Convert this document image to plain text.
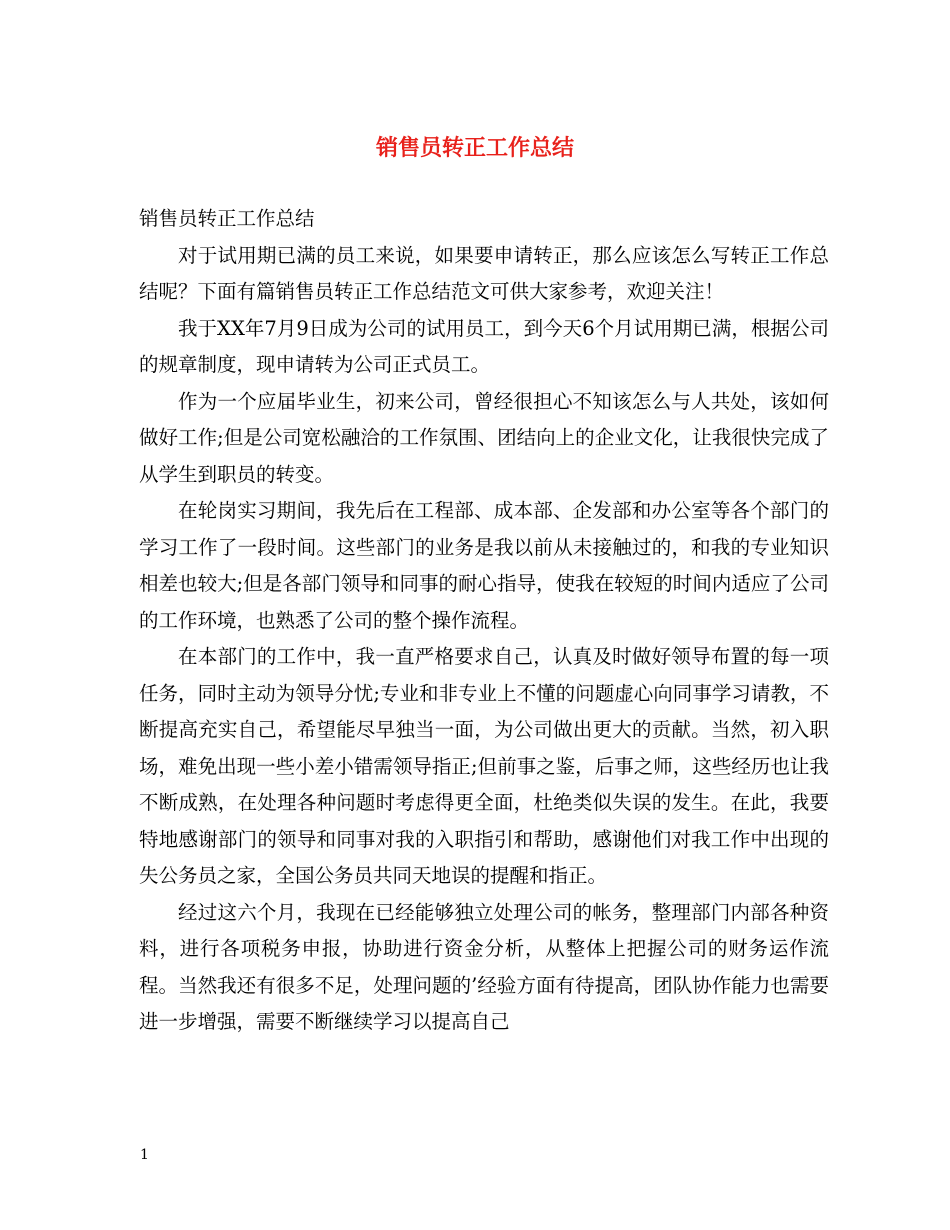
销售员转正工作总结

销售员转正工作总结

对于试用期已满的员工来说，如果要申请转正，那么应该怎么写转正工作总结呢？下面有篇销售员转正工作总结范文可供大家参考，欢迎关注！

我于XX年7月9日成为公司的试用员工，到今天6个月试用期已满，根据公司的规章制度，现申请转为公司正式员工。

作为一个应届毕业生，初来公司，曾经很担心不知该怎么与人共处，该如何做好工作;但是公司宽松融洽的工作氛围、团结向上的企业文化，让我很快完成了从学生到职员的转变。

在轮岗实习期间，我先后在工程部、成本部、企发部和办公室等各个部门的学习工作了一段时间。这些部门的业务是我以前从未接触过的，和我的专业知识相差也较大;但是各部门领导和同事的耐心指导，使我在较短的时间内适应了公司的工作环境，也熟悉了公司的整个操作流程。

在本部门的工作中，我一直严格要求自己，认真及时做好领导布置的每一项任务，同时主动为领导分忧;专业和非专业上不懂的问题虚心向同事学习请教，不断提高充实自己，希望能尽早独当一面，为公司做出更大的贡献。当然，初入职场，难免出现一些小差小错需领导指正;但前事之鉴，后事之师，这些经历也让我不断成熟，在处理各种问题时考虑得更全面，杜绝类似失误的发生。在此，我要特地感谢部门的领导和同事对我的入职指引和帮助，感谢他们对我工作中出现的失公务员之家，全国公务员共同天地误的提醒和指正。

经过这六个月，我现在已经能够独立处理公司的帐务，整理部门内部各种资料，进行各项税务申报，协助进行资金分析，从整体上把握公司的财务运作流程。当然我还有很多不足，处理问题的’经验方面有待提高，团队协作能力也需要进一步增强，需要不断继续学习以提高自己

1
